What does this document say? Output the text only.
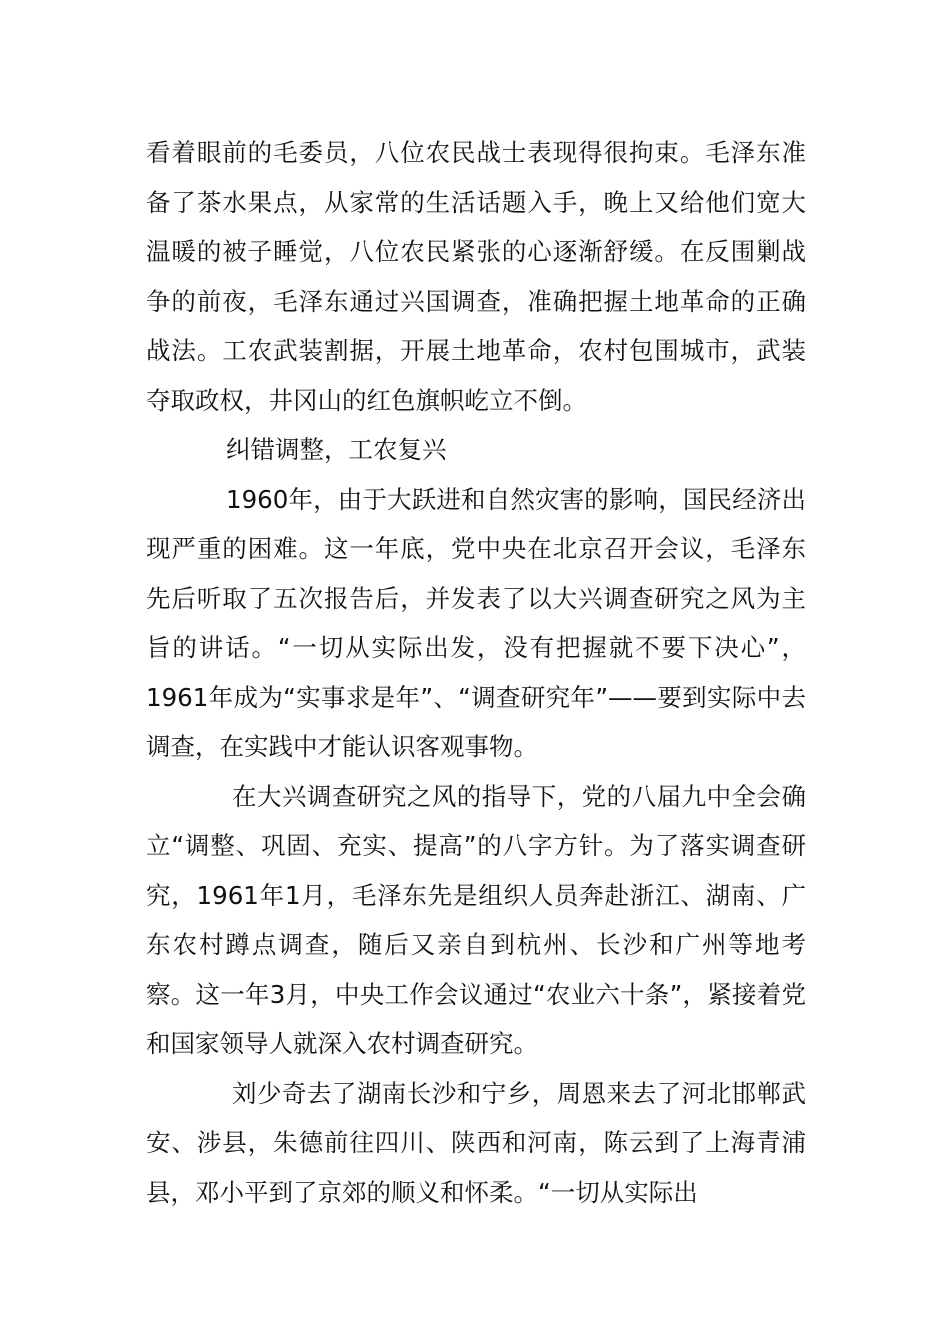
看着眼前的毛委员，八位农民战士表现得很拘束。毛泽东准备了茶水果点，从家常的生活话题入手，晚上又给他们宽大温暖的被子睡觉，八位农民紧张的心逐渐舒缓。在反围剿战争的前夜，毛泽东通过兴国调查，准确把握土地革命的正确战法。工农武装割据，开展土地革命，农村包围城市，武装夺取政权，井冈山的红色旗帜屹立不倒。

纠错调整，工农复兴

1960年，由于大跃进和自然灾害的影响，国民经济出现严重的困难。这一年底，党中央在北京召开会议，毛泽东先后听取了五次报告后，并发表了以大兴调查研究之风为主旨的讲话。“一切从实际出发，没有把握就不要下决心”，1961年成为“实事求是年”、“调查研究年”——要到实际中去调查，在实践中才能认识客观事物。

在大兴调查研究之风的指导下，党的八届九中全会确立“调整、巩固、充实、提高”的八字方针。为了落实调查研究，1961年1月，毛泽东先是组织人员奔赴浙江、湖南、广东农村蹲点调查，随后又亲自到杭州、长沙和广州等地考察。这一年3月，中央工作会议通过“农业六十条”，紧接着党和国家领导人就深入农村调查研究。

刘少奇去了湖南长沙和宁乡，周恩来去了河北邯郸武安、涉县，朱德前往四川、陕西和河南，陈云到了上海青浦县，邓小平到了京郊的顺义和怀柔。“一切从实际出
